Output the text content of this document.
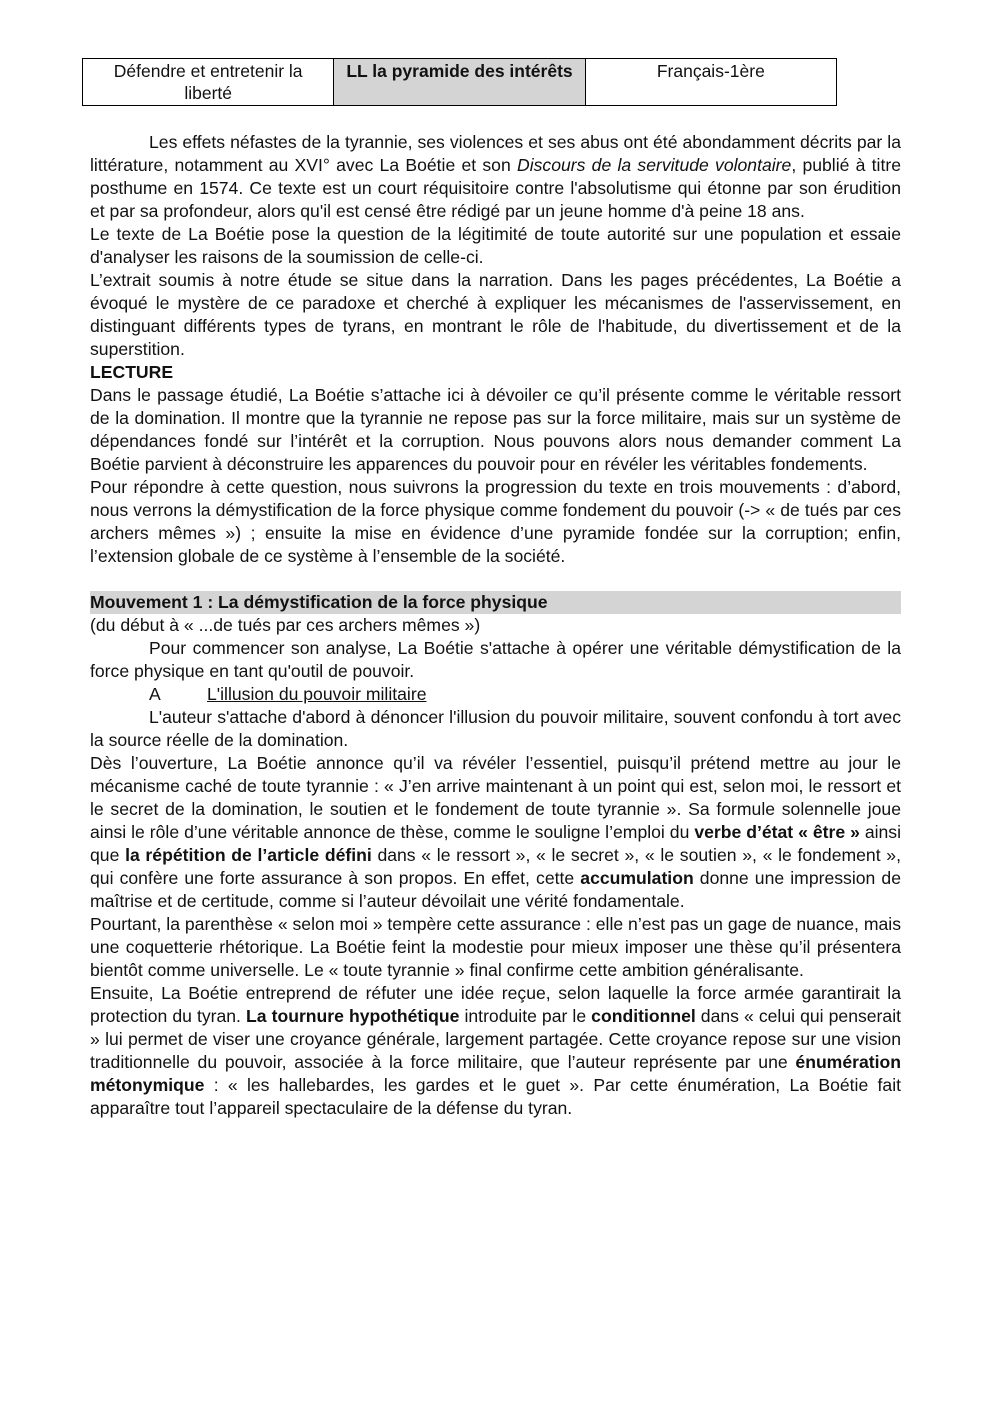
Défendre et entretenir la liberté	LL la pyramide des intérêts	Français-1ère

Les effets néfastes de la tyrannie, ses violences et ses abus ont été abondamment décrits par la littérature, notamment au XVI° avec La Boétie et son Discours de la servitude volontaire, publié à titre posthume en 1574. Ce texte est un court réquisitoire contre l'absolutisme qui étonne par son érudition et par sa profondeur, alors qu'il est censé être rédigé par un jeune homme d'à peine 18 ans.

Le texte de La Boétie pose la question de la légitimité de toute autorité sur une population et essaie d'analyser les raisons de la soumission de celle-ci.

L’extrait soumis à notre étude se situe dans la narration. Dans les pages précédentes, La Boétie a évoqué le mystère de ce paradoxe et cherché à expliquer les mécanismes de l'asservissement, en distinguant différents types de tyrans, en montrant le rôle de l'habitude, du divertissement et de la superstition.

LECTURE

Dans le passage étudié, La Boétie s’attache ici à dévoiler ce qu’il présente comme le véritable ressort de la domination. Il montre que la tyrannie ne repose pas sur la force militaire, mais sur un système de dépendances fondé sur l’intérêt et la corruption. Nous pouvons alors nous demander comment La Boétie parvient à déconstruire les apparences du pouvoir pour en révéler les véritables fondements.

Pour répondre à cette question, nous suivrons la progression du texte en trois mouvements : d’abord, nous verrons la démystification de la force physique comme fondement du pouvoir (-> « de tués par ces archers mêmes ») ; ensuite la mise en évidence d’une pyramide fondée sur la corruption; enfin, l’extension globale de ce système à l’ensemble de la société.

Mouvement 1 : La démystification de la force physique

(du début à « ...de tués par ces archers mêmes »)

Pour commencer son analyse, La Boétie s'attache à opérer une véritable démystification de la force physique en tant qu'outil de pouvoir.

A	L'illusion du pouvoir militaire

L'auteur s'attache d'abord à dénoncer l'illusion du pouvoir militaire, souvent confondu à tort avec la source réelle de la domination.

Dès l’ouverture, La Boétie annonce qu’il va révéler l’essentiel, puisqu’il prétend mettre au jour le mécanisme caché de toute tyrannie : « J’en arrive maintenant à un point qui est, selon moi, le ressort et le secret de la domination, le soutien et le fondement de toute tyrannie ». Sa formule solennelle joue ainsi le rôle d’une véritable annonce de thèse, comme le souligne l’emploi du verbe d’état « être » ainsi que la répétition de l’article défini dans « le ressort », « le secret », « le soutien », « le fondement », qui confère une forte assurance à son propos. En effet, cette accumulation donne une impression de maîtrise et de certitude, comme si l’auteur dévoilait une vérité fondamentale.

Pourtant, la parenthèse « selon moi » tempère cette assurance : elle n’est pas un gage de nuance, mais une coquetterie rhétorique. La Boétie feint la modestie pour mieux imposer une thèse qu’il présentera bientôt comme universelle. Le « toute tyrannie » final confirme cette ambition généralisante.

Ensuite, La Boétie entreprend de réfuter une idée reçue, selon laquelle la force armée garantirait la protection du tyran. La tournure hypothétique introduite par le conditionnel dans « celui qui penserait » lui permet de viser une croyance générale, largement partagée. Cette croyance repose sur une vision traditionnelle du pouvoir, associée à la force militaire, que l’auteur représente par une énumération métonymique : « les hallebardes, les gardes et le guet ». Par cette énumération, La Boétie fait apparaître tout l’appareil spectaculaire de la défense du tyran.
